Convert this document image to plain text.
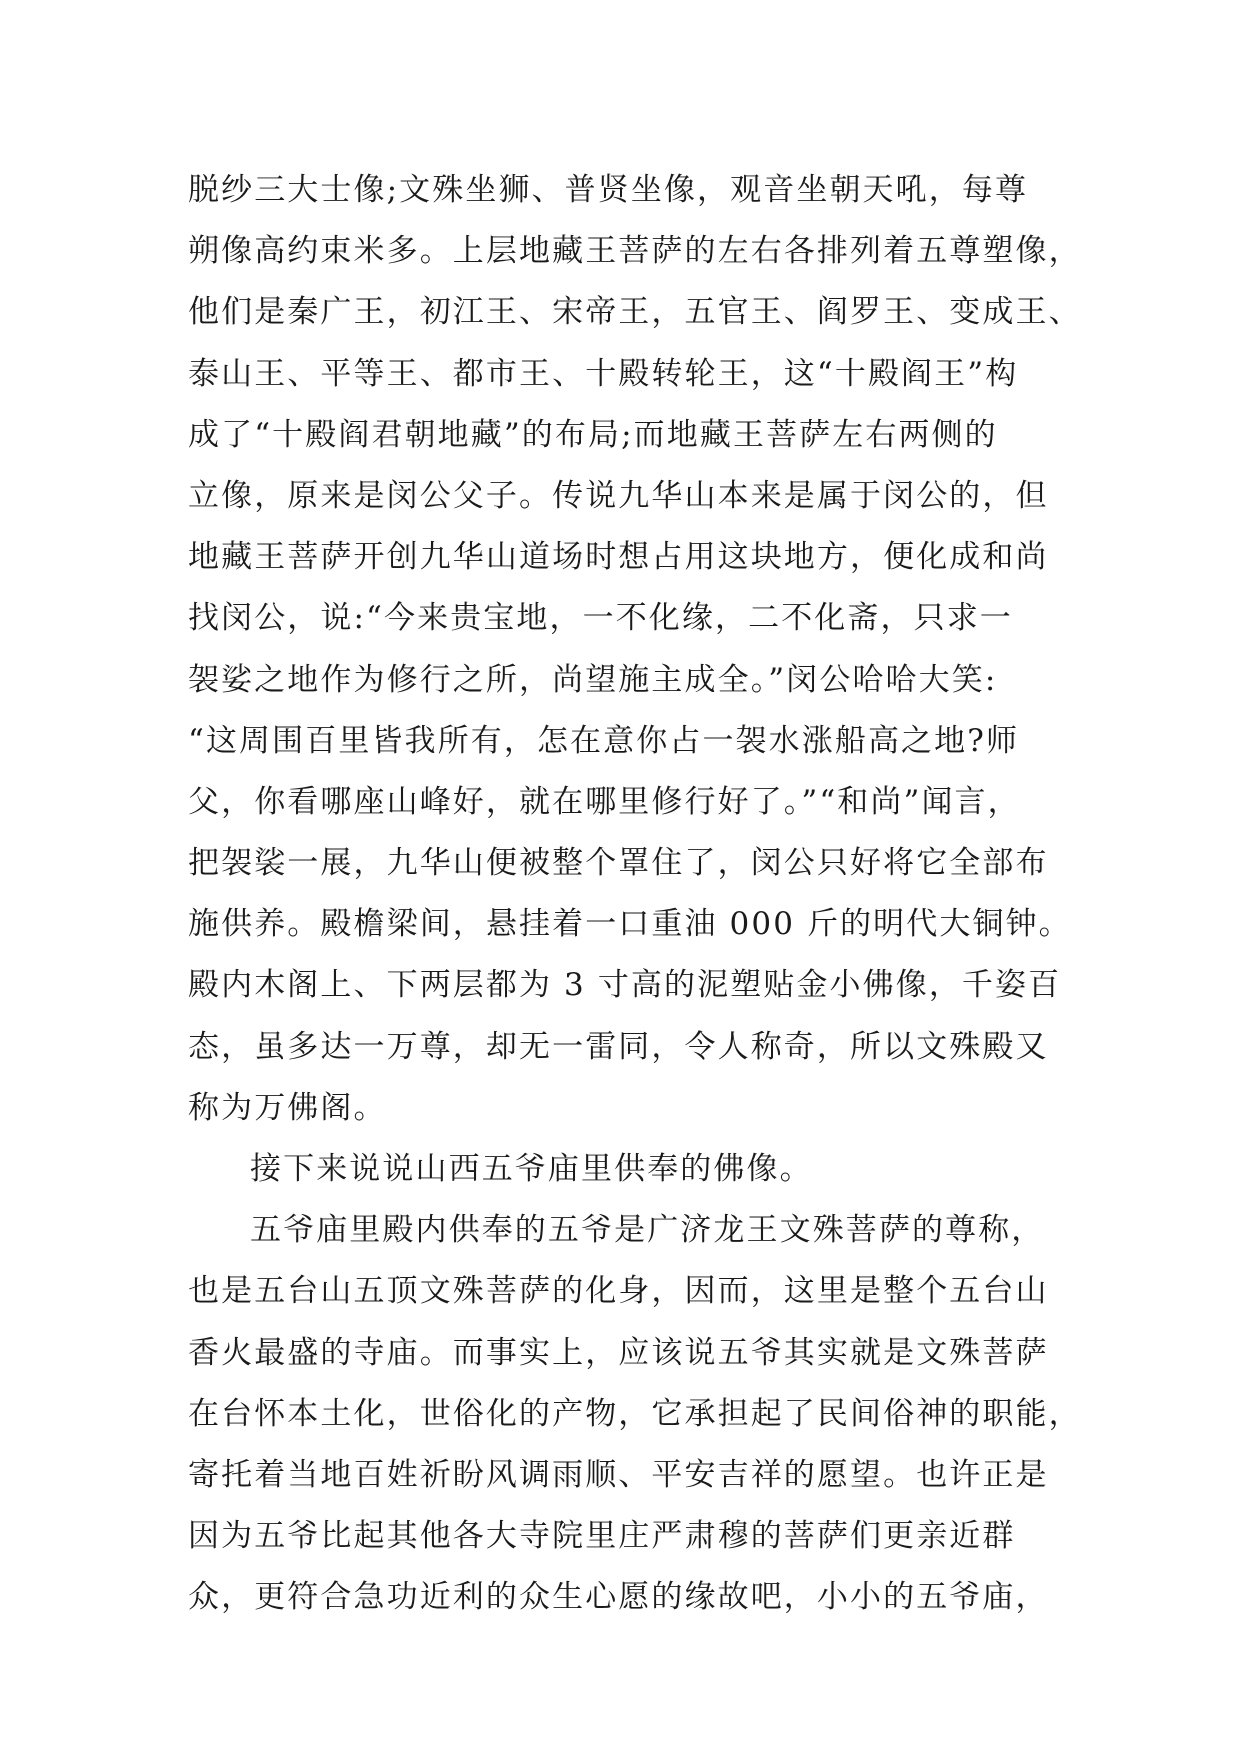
脱纱三大士像;文殊坐狮、普贤坐像，观音坐朝天吼，每尊
朔像高约束米多。上层地藏王菩萨的左右各排列着五尊塑像，
他们是秦广王，初江王、宋帝王，五官王、阎罗王、变成王、
泰山王、平等王、都市王、十殿转轮王，这“十殿阎王”构
成了“十殿阎君朝地藏”的布局;而地藏王菩萨左右两侧的
立像，原来是闵公父子。传说九华山本来是属于闵公的，但
地藏王菩萨开创九华山道场时想占用这块地方，便化成和尚
找闵公，说:“今来贵宝地，一不化缘，二不化斋，只求一
袈娑之地作为修行之所，尚望施主成全。”闵公哈哈大笑:
“这周围百里皆我所有，怎在意你占一袈水涨船高之地?师
父，你看哪座山峰好，就在哪里修行好了。”“和尚”闻言，
把袈裟一展，九华山便被整个罩住了，闵公只好将它全部布
施供养。殿檐梁间，悬挂着一口重油 000 斤的明代大铜钟。
殿内木阁上、下两层都为 3 寸高的泥塑贴金小佛像，千姿百
态，虽多达一万尊，却无一雷同，令人称奇，所以文殊殿又
称为万佛阁。
接下来说说山西五爷庙里供奉的佛像。
五爷庙里殿内供奉的五爷是广济龙王文殊菩萨的尊称，
也是五台山五顶文殊菩萨的化身，因而，这里是整个五台山
香火最盛的寺庙。而事实上，应该说五爷其实就是文殊菩萨
在台怀本土化，世俗化的产物，它承担起了民间俗神的职能，
寄托着当地百姓祈盼风调雨顺、平安吉祥的愿望。也许正是
因为五爷比起其他各大寺院里庄严肃穆的菩萨们更亲近群
众，更符合急功近利的众生心愿的缘故吧，小小的五爷庙，
